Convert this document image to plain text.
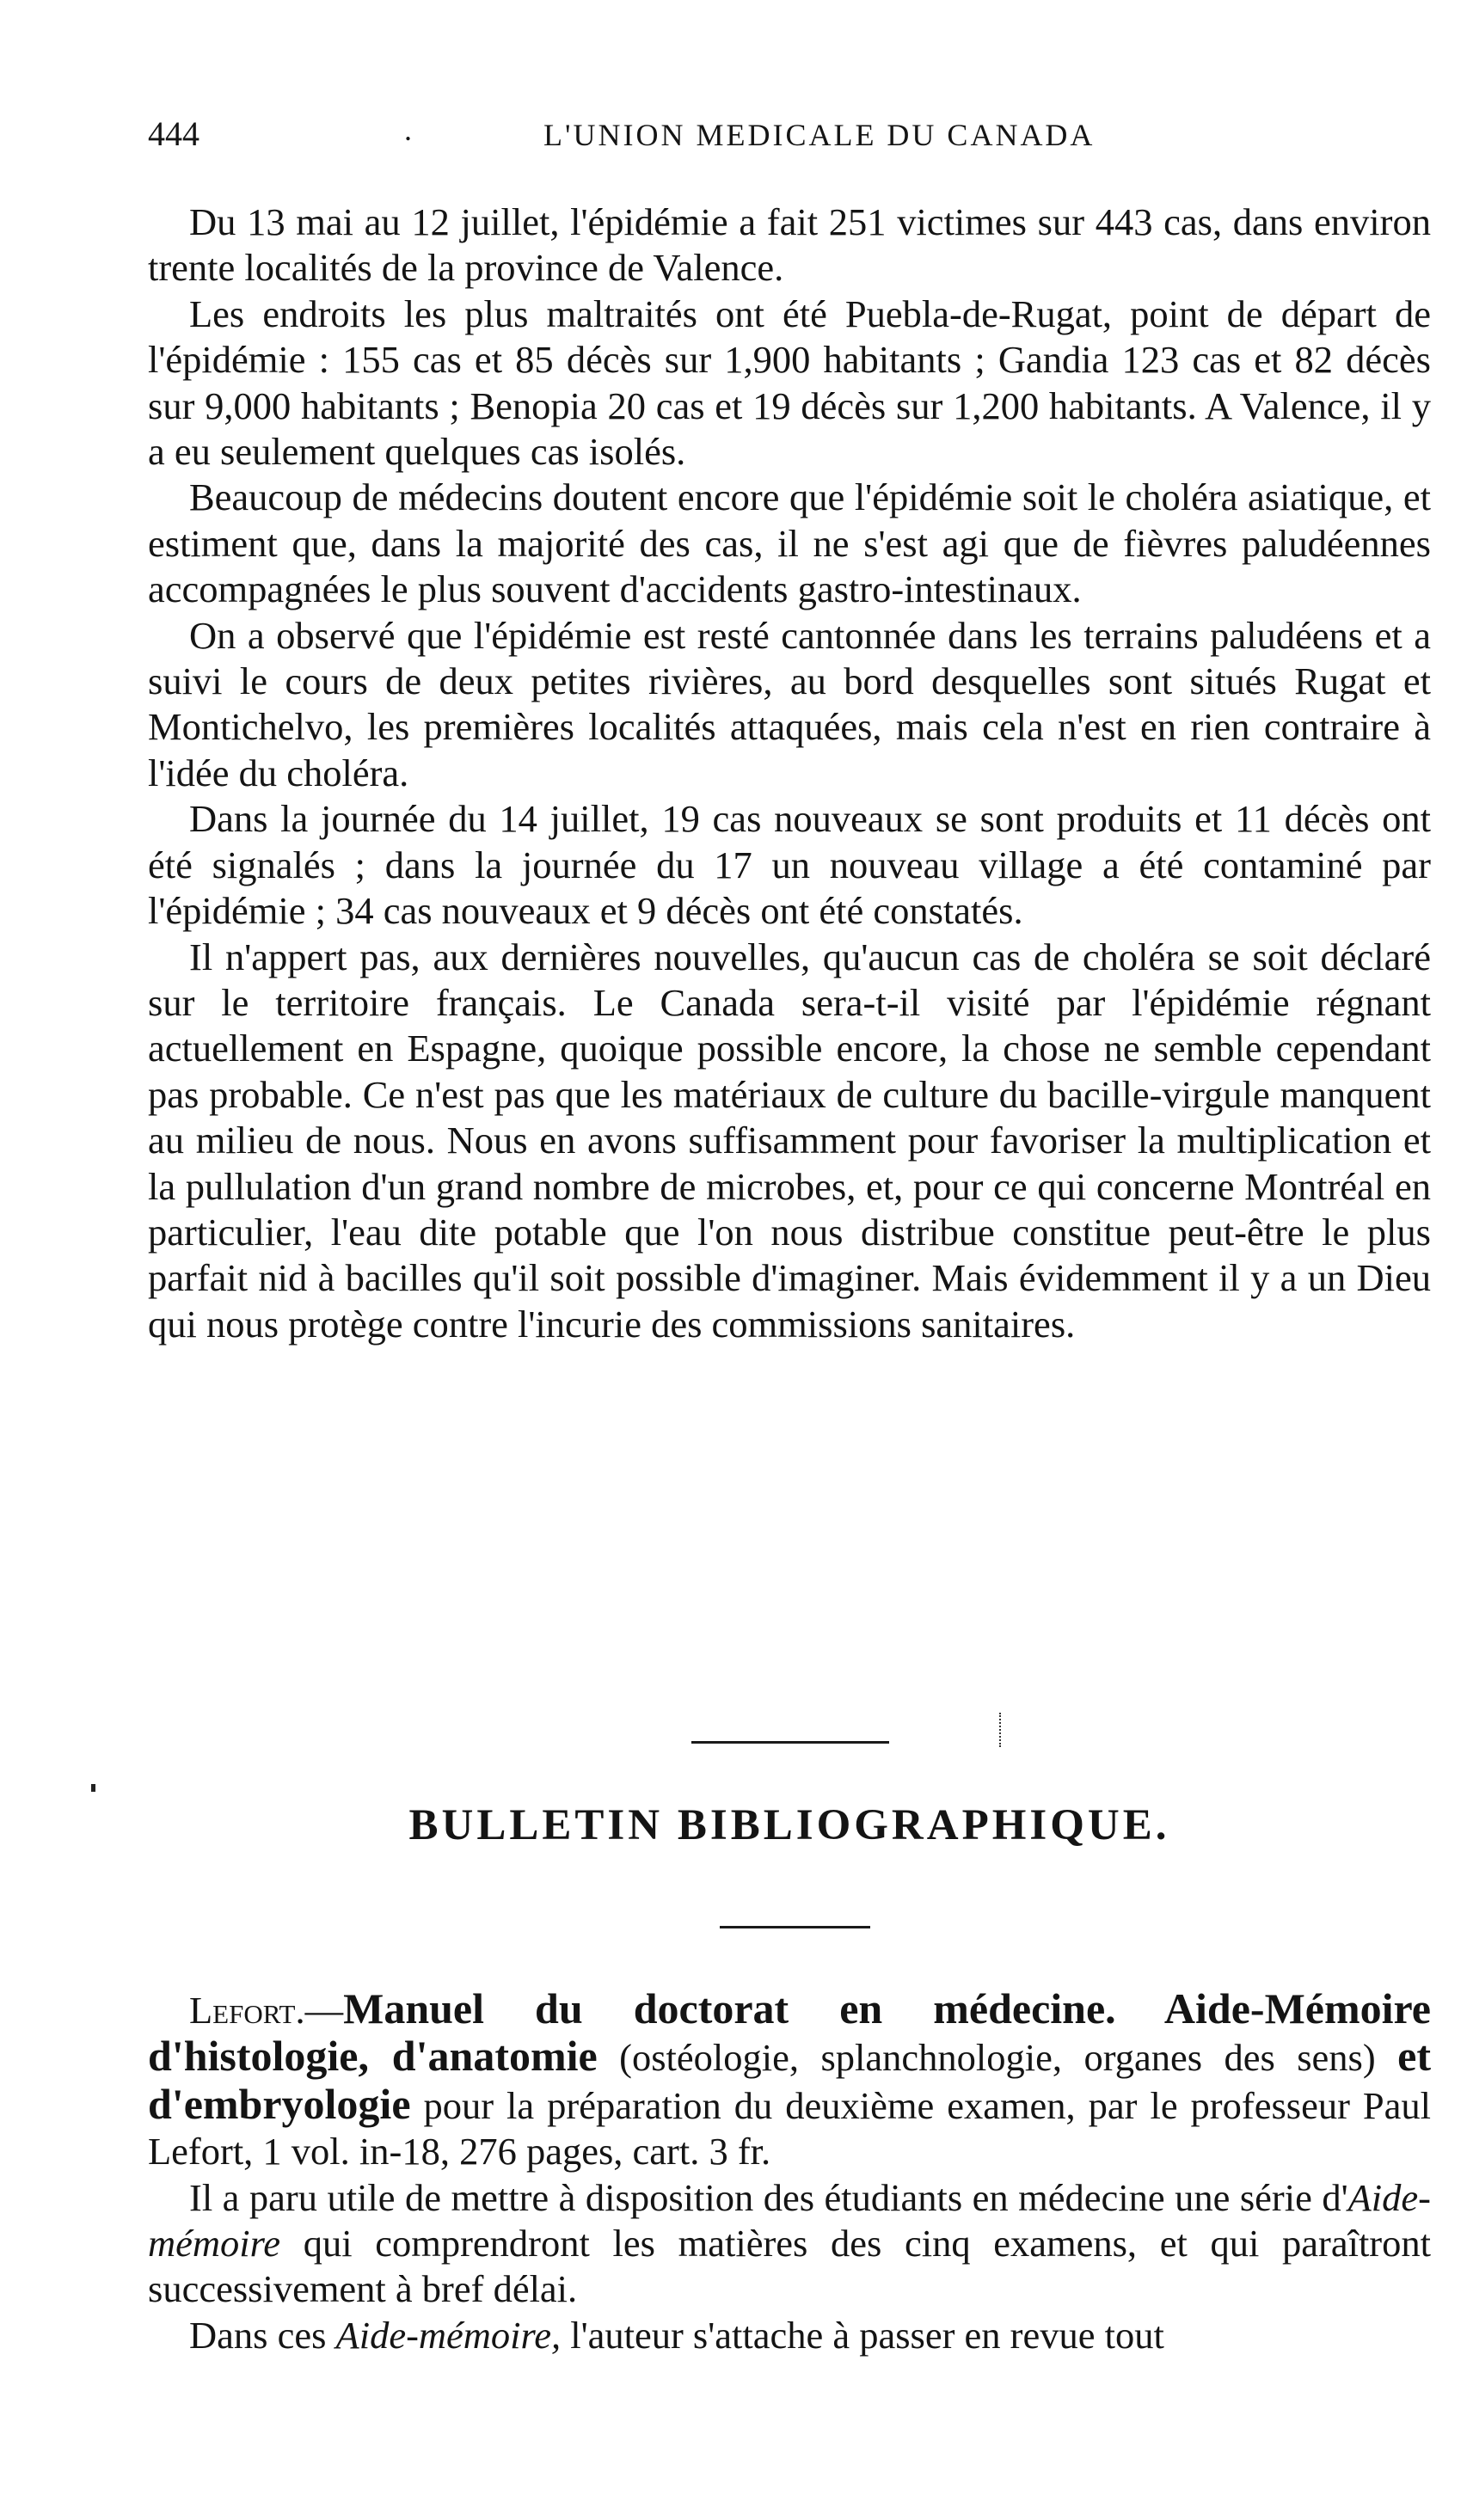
444	.	L'UNION MEDICALE DU CANADA

Du 13 mai au 12 juillet, l'épidémie a fait 251 victimes sur 443 cas, dans environ trente localités de la province de Valence.

Les endroits les plus maltraités ont été Puebla-de-Rugat, point de départ de l'épidémie : 155 cas et 85 décès sur 1,900 habitants ; Gandia 123 cas et 82 décès sur 9,000 habitants ; Benopia 20 cas et 19 décès sur 1,200 habitants. A Valence, il y a eu seulement quelques cas isolés.

Beaucoup de médecins doutent encore que l'épidémie soit le choléra asiatique, et estiment que, dans la majorité des cas, il ne s'est agi que de fièvres paludéennes accompagnées le plus souvent d'accidents gastro-intestinaux.

On a observé que l'épidémie est resté cantonnée dans les terrains paludéens et a suivi le cours de deux petites rivières, au bord desquelles sont situés Rugat et Montichelvo, les premières localités attaquées, mais cela n'est en rien contraire à l'idée du choléra.

Dans la journée du 14 juillet, 19 cas nouveaux se sont produits et 11 décès ont été signalés ; dans la journée du 17 un nouveau village a été contaminé par l'épidémie ; 34 cas nouveaux et 9 décès ont été constatés.

Il n'appert pas, aux dernières nouvelles, qu'aucun cas de choléra se soit déclaré sur le territoire français. Le Canada sera-t-il visité par l'épidémie régnant actuellement en Espagne, quoique possible encore, la chose ne semble cependant pas probable. Ce n'est pas que les matériaux de culture du bacille-virgule manquent au milieu de nous. Nous en avons suffisamment pour favoriser la multiplication et la pullulation d'un grand nombre de microbes, et, pour ce qui concerne Montréal en particulier, l'eau dite potable que l'on nous distribue constitue peut-être le plus parfait nid à bacilles qu'il soit possible d'imaginer. Mais évidemment il y a un Dieu qui nous protège contre l'incurie des commissions sanitaires.

BULLETIN BIBLIOGRAPHIQUE.

Lefort.—Manuel du doctorat en médecine. Aide-Mémoire d'histologie, d'anatomie (ostéologie, splanchnologie, organes des sens) et d'embryologie pour la préparation du deuxième examen, par le professeur Paul Lefort, 1 vol. in-18, 276 pages, cart. 3 fr.

Il a paru utile de mettre à disposition des étudiants en médecine une série d'Aide-mémoire qui comprendront les matières des cinq examens, et qui paraîtront successivement à bref délai.

Dans ces Aide-mémoire, l'auteur s'attache à passer en revue tout
